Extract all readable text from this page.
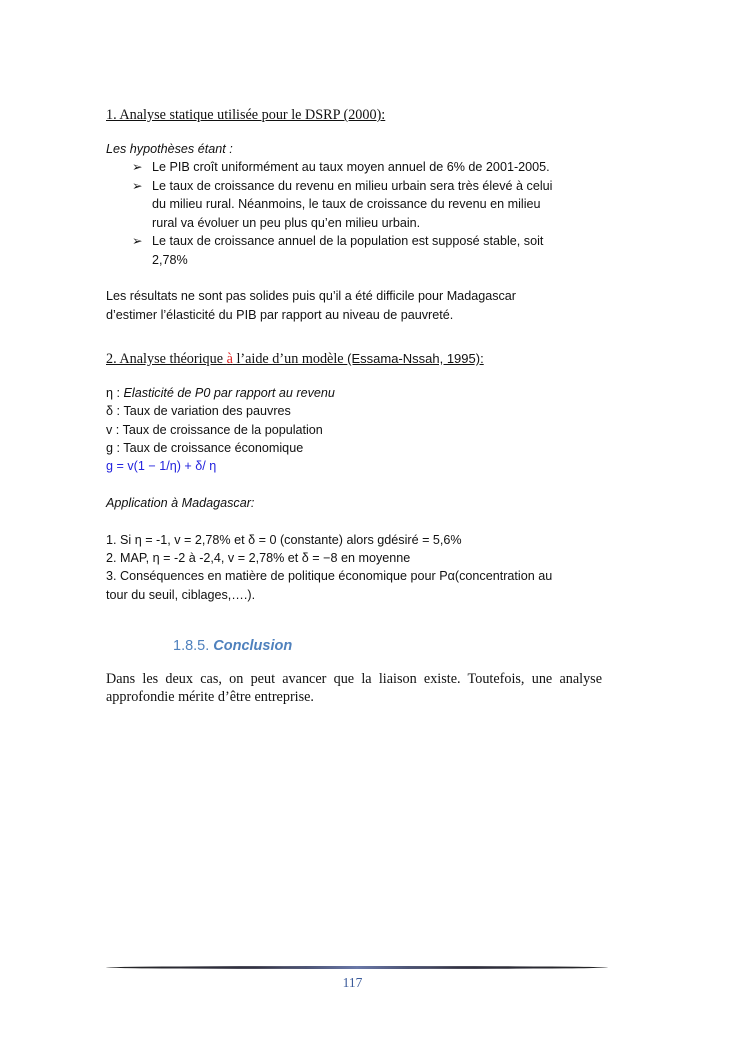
1. Analyse statique utilisée pour le DSRP (2000):
Les hypothèses étant :
➢ Le PIB croît uniformément au taux moyen annuel de 6% de 2001-2005.
➢ Le taux de croissance du revenu en milieu urbain sera très élevé à celui
du milieu rural. Néanmoins, le taux de croissance du revenu en milieu
rural va évoluer un peu plus qu’en milieu urbain.
➢ Le taux de croissance annuel de la population est supposé stable, soit
2,78%
Les résultats ne sont pas solides puis qu’il a été difficile pour Madagascar
d’estimer l’élasticité du PIB par rapport au niveau de pauvreté.
2. Analyse théorique à l’aide d’un modèle (Essama-Nssah, 1995):
η : Elasticité de P0 par rapport au revenu
δ : Taux de variation des pauvres
v : Taux de croissance de la population
g : Taux de croissance économique
g = v(1 − 1/η) + δ/ η
Application à Madagascar:
1. Si η = -1, v = 2,78% et δ = 0 (constante) alors gdésiré = 5,6%
2. MAP, η = -2 à -2,4, v = 2,78% et δ = −8 en moyenne
3. Conséquences en matière de politique économique pour Pα(concentration au
tour du seuil, ciblages,….).
1.8.5. Conclusion
Dans les deux cas, on peut avancer que la liaison existe. Toutefois, une analyse approfondie mérite d’être entreprise.
117
